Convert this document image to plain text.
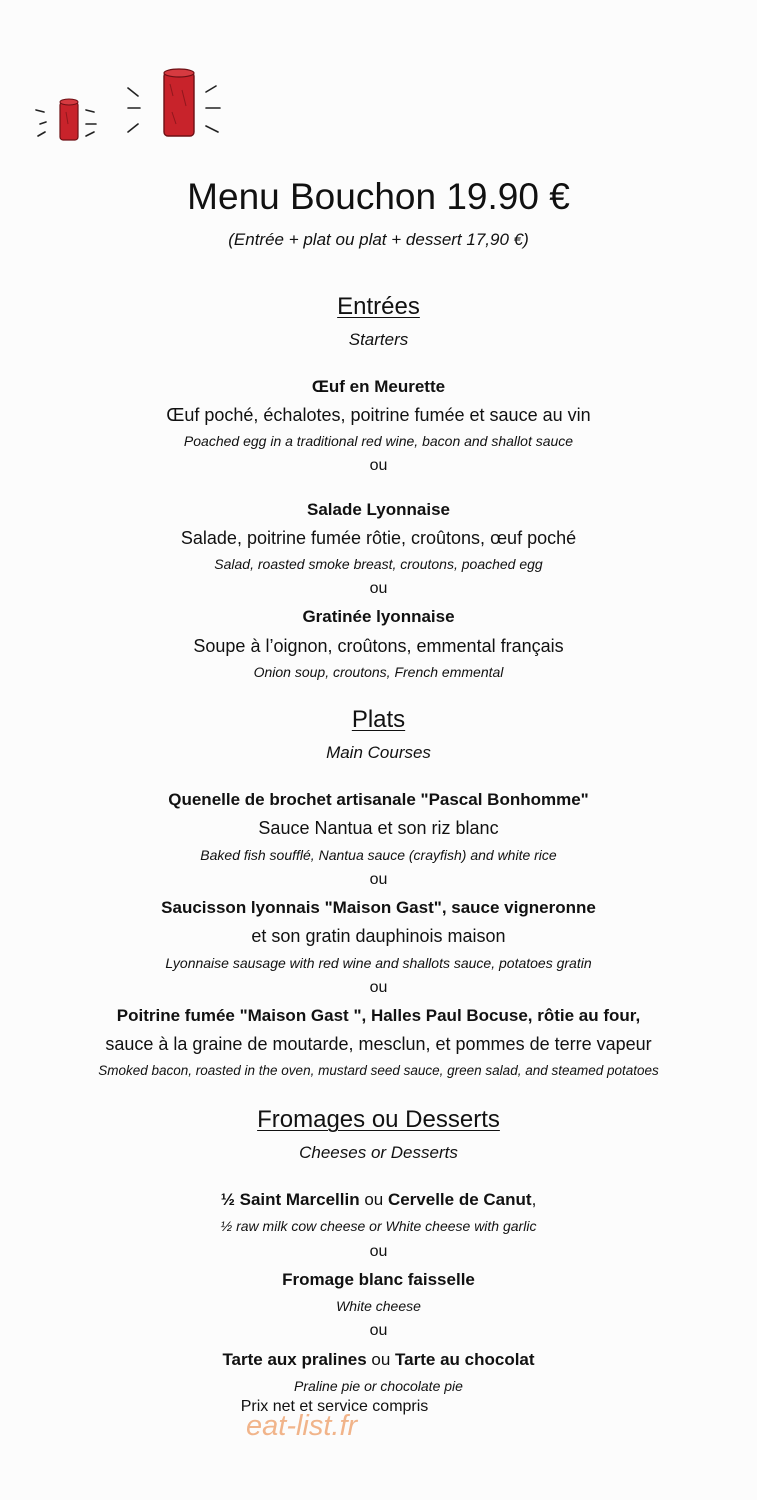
Menu Bouchon 19.90 €
(Entrée + plat ou plat + dessert 17,90 €)
Entrées
Starters
Œuf en Meurette
Œuf poché, échalotes, poitrine fumée et sauce au vin
Poached egg in a traditional red wine, bacon and shallot sauce
ou
Salade Lyonnaise
Salade, poitrine fumée rôtie, croûtons, œuf poché
Salad, roasted smoke breast, croutons, poached egg
ou
Gratinée lyonnaise
Soupe à l’oignon, croûtons, emmental français
Onion soup, croutons, French emmental
Plats
Main Courses
Quenelle de brochet artisanale "Pascal Bonhomme"
Sauce Nantua et son riz blanc
Baked fish soufflé, Nantua sauce (crayfish) and white rice
ou
Saucisson lyonnais "Maison Gast", sauce vigneronne
et son gratin dauphinois maison
Lyonnaise sausage with red wine and shallots sauce, potatoes gratin
ou
Poitrine fumée "Maison Gast ", Halles Paul Bocuse, rôtie au four,
sauce à la graine de moutarde, mesclun, et pommes de terre vapeur
Smoked bacon, roasted in the oven, mustard seed sauce, green salad, and steamed potatoes
Fromages ou Desserts
Cheeses or Desserts
½ Saint Marcellin ou Cervelle de Canut,
½ raw milk cow cheese or White cheese with garlic
ou
Fromage blanc faisselle
White cheese
ou
Tarte aux pralines ou Tarte au chocolat
Praline pie or chocolate pie
Prix net et service compris
eat-list.fr
